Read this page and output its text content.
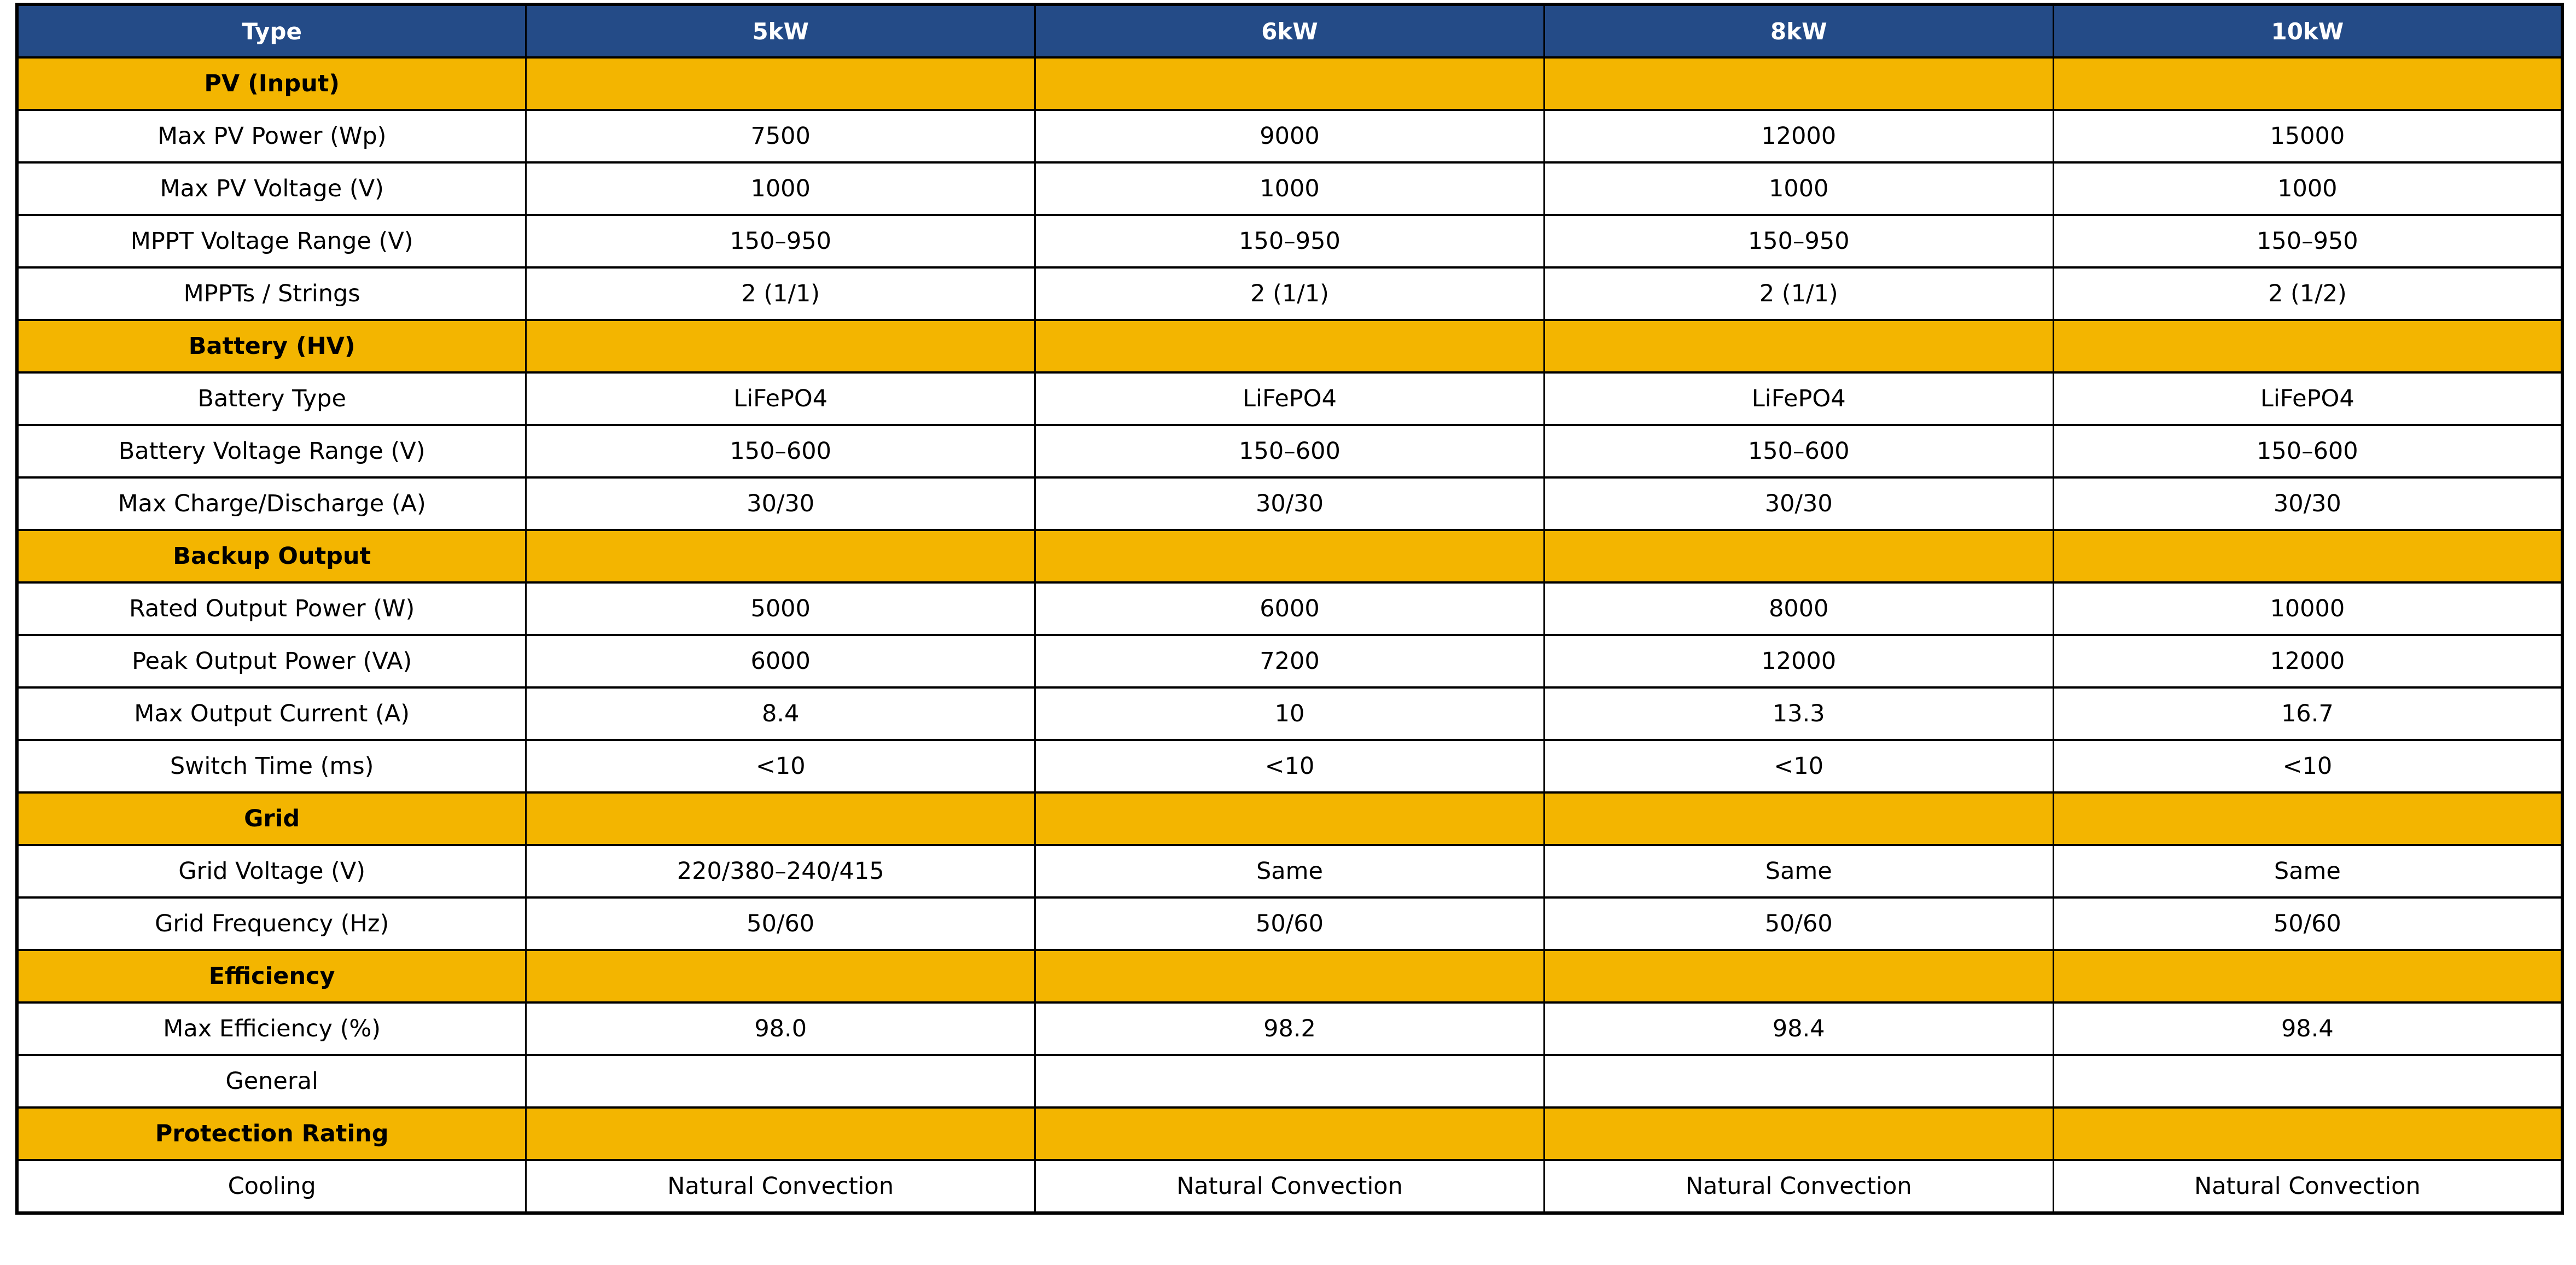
Type	5kW	6kW	8kW	10kW
PV (Input)				
Max PV Power (Wp)	7500	9000	12000	15000
Max PV Voltage (V)	1000	1000	1000	1000
MPPT Voltage Range (V)	150–950	150–950	150–950	150–950
MPPTs / Strings	2 (1/1)	2 (1/1)	2 (1/1)	2 (1/2)
Battery (HV)				
Battery Type	LiFePO4	LiFePO4	LiFePO4	LiFePO4
Battery Voltage Range (V)	150–600	150–600	150–600	150–600
Max Charge/Discharge (A)	30/30	30/30	30/30	30/30
Backup Output				
Rated Output Power (W)	5000	6000	8000	10000
Peak Output Power (VA)	6000	7200	12000	12000
Max Output Current (A)	8.4	10	13.3	16.7
Switch Time (ms)	<10	<10	<10	<10
Grid				
Grid Voltage (V)	220/380–240/415	Same	Same	Same
Grid Frequency (Hz)	50/60	50/60	50/60	50/60
Efficiency				
Max Efficiency (%)	98.0	98.2	98.4	98.4
General				
Protection Rating				
Cooling	Natural Convection	Natural Convection	Natural Convection	Natural Convection
